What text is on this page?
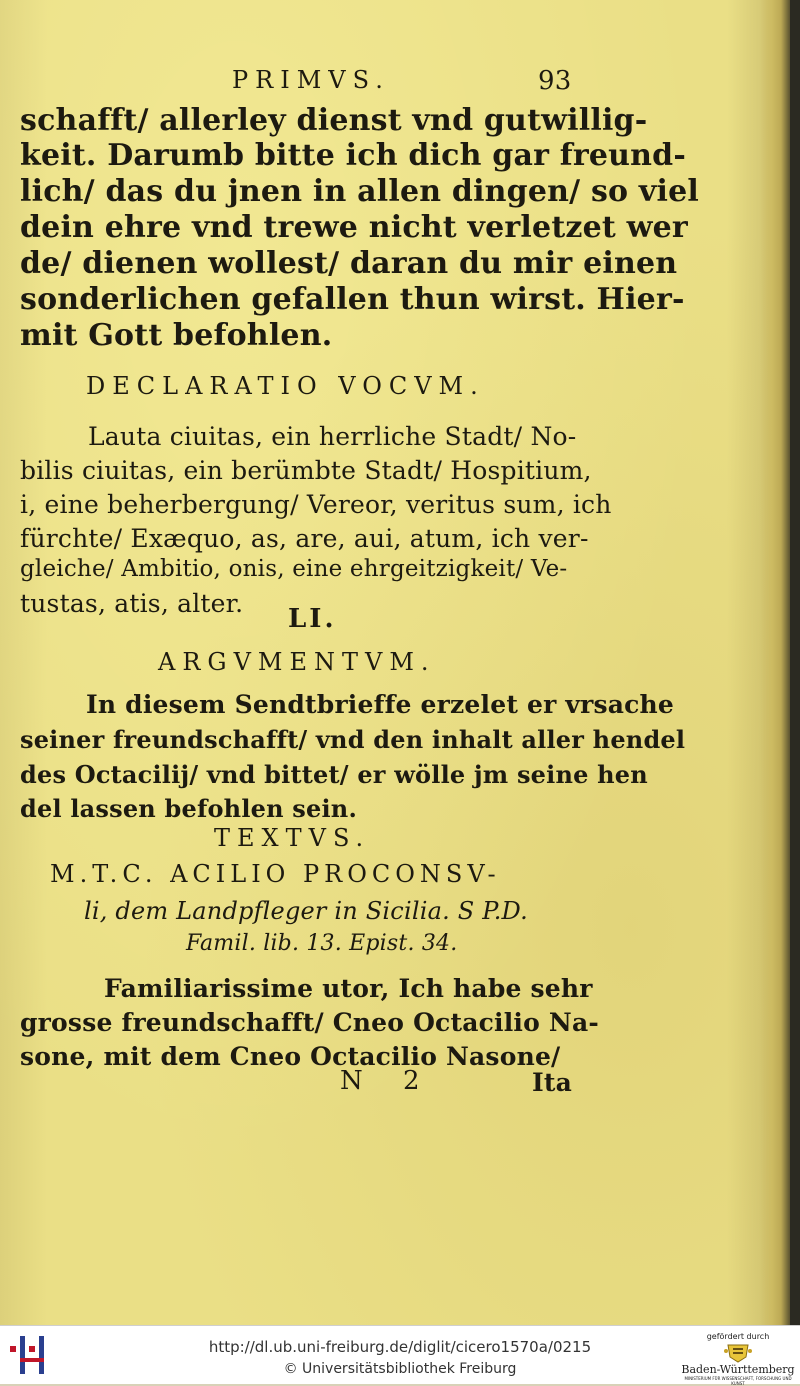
PRIMVS.	93
schafft/ allerley dienst vnd gutwillig-
keit. Darumb bitte ich dich gar freund-
lich/ das du jnen in allen dingen/ so viel
dein ehre vnd trewe nicht verletzet wer
de/ dienen wollest/ daran du mir einen
sonderlichen gefallen thun wirst. Hier-
mit Gott befohlen.
DECLARATIO VOCVM.
Lauta ciuitas, ein herrliche Stadt/ No-
bilis ciuitas, ein berümbte Stadt/ Hospitium,
i, eine beherbergung/ Vereor, veritus sum, ich
fürchte/ Exæquo, as, are, aui, atum, ich ver-
gleiche/ Ambitio, onis, eine ehrgeitzigkeit/ Ve-
tustas, atis, alter.
LI.
ARGVMENTVM.
In diesem Sendtbrieffe erzelet er vrsache
seiner freundschafft/ vnd den inhalt aller hendel
des Octacilij/ vnd bittet/ er wölle jm seine hen
del lassen befohlen sein.
TEXTVS.
M.T.C. ACILIO PROCONSV-
li, dem Landpfleger in Sicilia. S P.D.
Famil. lib. 13. Epist. 34.
Familiarissime utor, Ich habe sehr
grosse freundschafft/ Cneo Octacilio Na-
sone, mit dem Cneo Octacilio Nasone/
N 2	Ita
http://dl.ub.uni-freiburg.de/diglit/cicero1570a/0215
© Universitätsbibliothek Freiburg
gefördert durch
Baden-Württemberg
MINISTERIUM FÜR WISSENSCHAFT, FORSCHUNG UND KUNST
